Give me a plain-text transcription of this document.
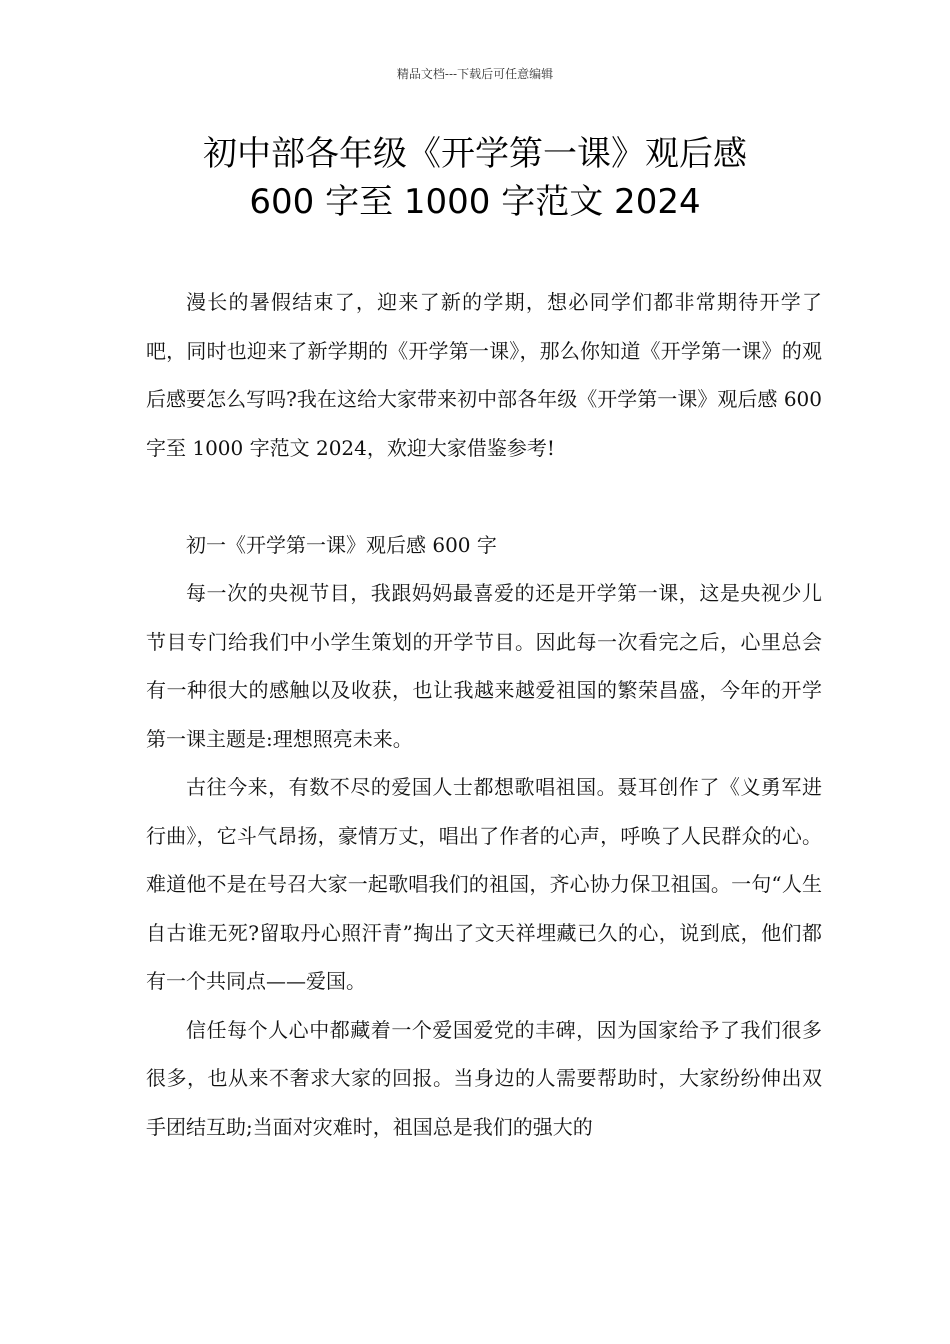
精品文档---下载后可任意编辑
初中部各年级《开学第一课》观后感
600 字至 1000 字范文 2024

漫长的暑假结束了，迎来了新的学期，想必同学们都非常期待开学了吧，同时也迎来了新学期的《开学第一课》，那么你知道《开学第一课》的观后感要怎么写吗?我在这给大家带来初中部各年级《开学第一课》观后感 600 字至 1000 字范文 2024，欢迎大家借鉴参考!

初一《开学第一课》观后感 600 字

每一次的央视节目，我跟妈妈最喜爱的还是开学第一课，这是央视少儿节目专门给我们中小学生策划的开学节目。因此每一次看完之后，心里总会有一种很大的感触以及收获，也让我越来越爱祖国的繁荣昌盛，今年的开学第一课主题是:理想照亮未来。

古往今来，有数不尽的爱国人士都想歌唱祖国。聂耳创作了《义勇军进行曲》，它斗气昂扬，豪情万丈，唱出了作者的心声，呼唤了人民群众的心。难道他不是在号召大家一起歌唱我们的祖国，齐心协力保卫祖国。一句“人生自古谁无死?留取丹心照汗青”掏出了文天祥埋藏已久的心，说到底，他们都有一个共同点——爱国。

信任每个人心中都藏着一个爱国爱党的丰碑，因为国家给予了我们很多很多，也从来不奢求大家的回报。当身边的人需要帮助时，大家纷纷伸出双手团结互助;当面对灾难时，祖国总是我们的强大的
